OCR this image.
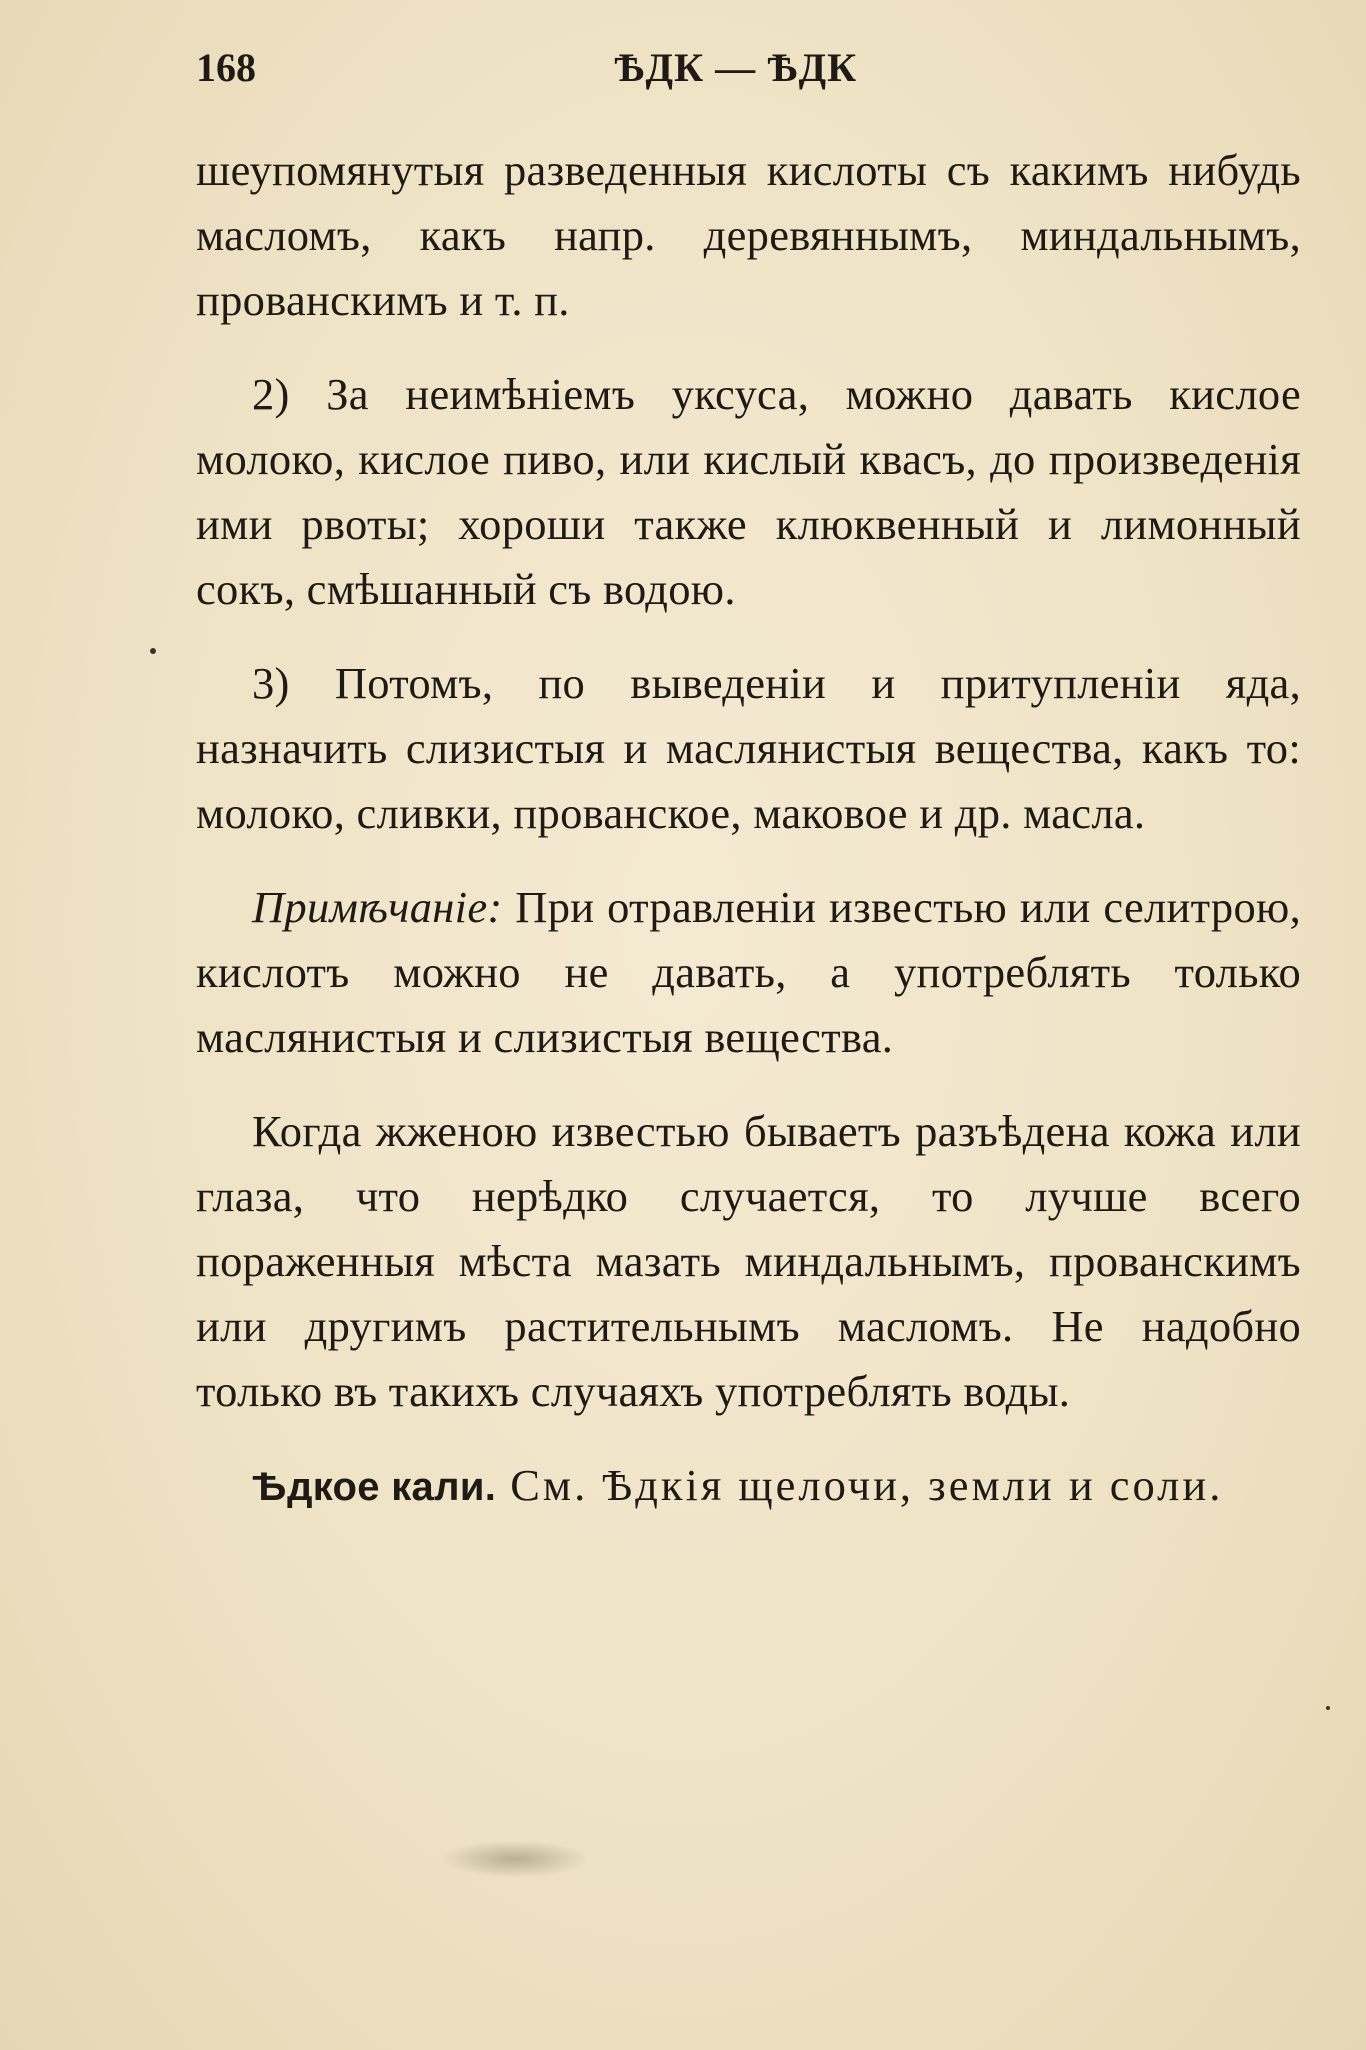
168	ѢДК — ѢДК

шеупомянутыя разведенныя кислоты съ какимъ нибудь масломъ, какъ напр. деревяннымъ, миндальнымъ, прованскимъ и т. п.

2) За неимѣніемъ уксуса, можно давать кислое молоко, кислое пиво, или кислый квасъ, до произведенія ими рвоты; хороши также клюквенный и лимонный сокъ, смѣшанный съ водою.

3) Потомъ, по выведеніи и притупленіи яда, назначить слизистыя и маслянистыя вещества, какъ то: молоко, сливки, прованское, маковое и др. масла.

Примѣчаніе: При отравленіи известью или селитрою, кислотъ можно не давать, а употреблять только маслянистыя и слизистыя вещества.

Когда жженою известью бываетъ разъѣдена кожа или глаза, что нерѣдко случается, то лучше всего пораженныя мѣста мазать миндальнымъ, прованскимъ или другимъ растительнымъ масломъ. Не надобно только въ такихъ случаяхъ употреблять воды.

Ѣдкое кали. См. Ѣдкія щелочи, земли и соли.
